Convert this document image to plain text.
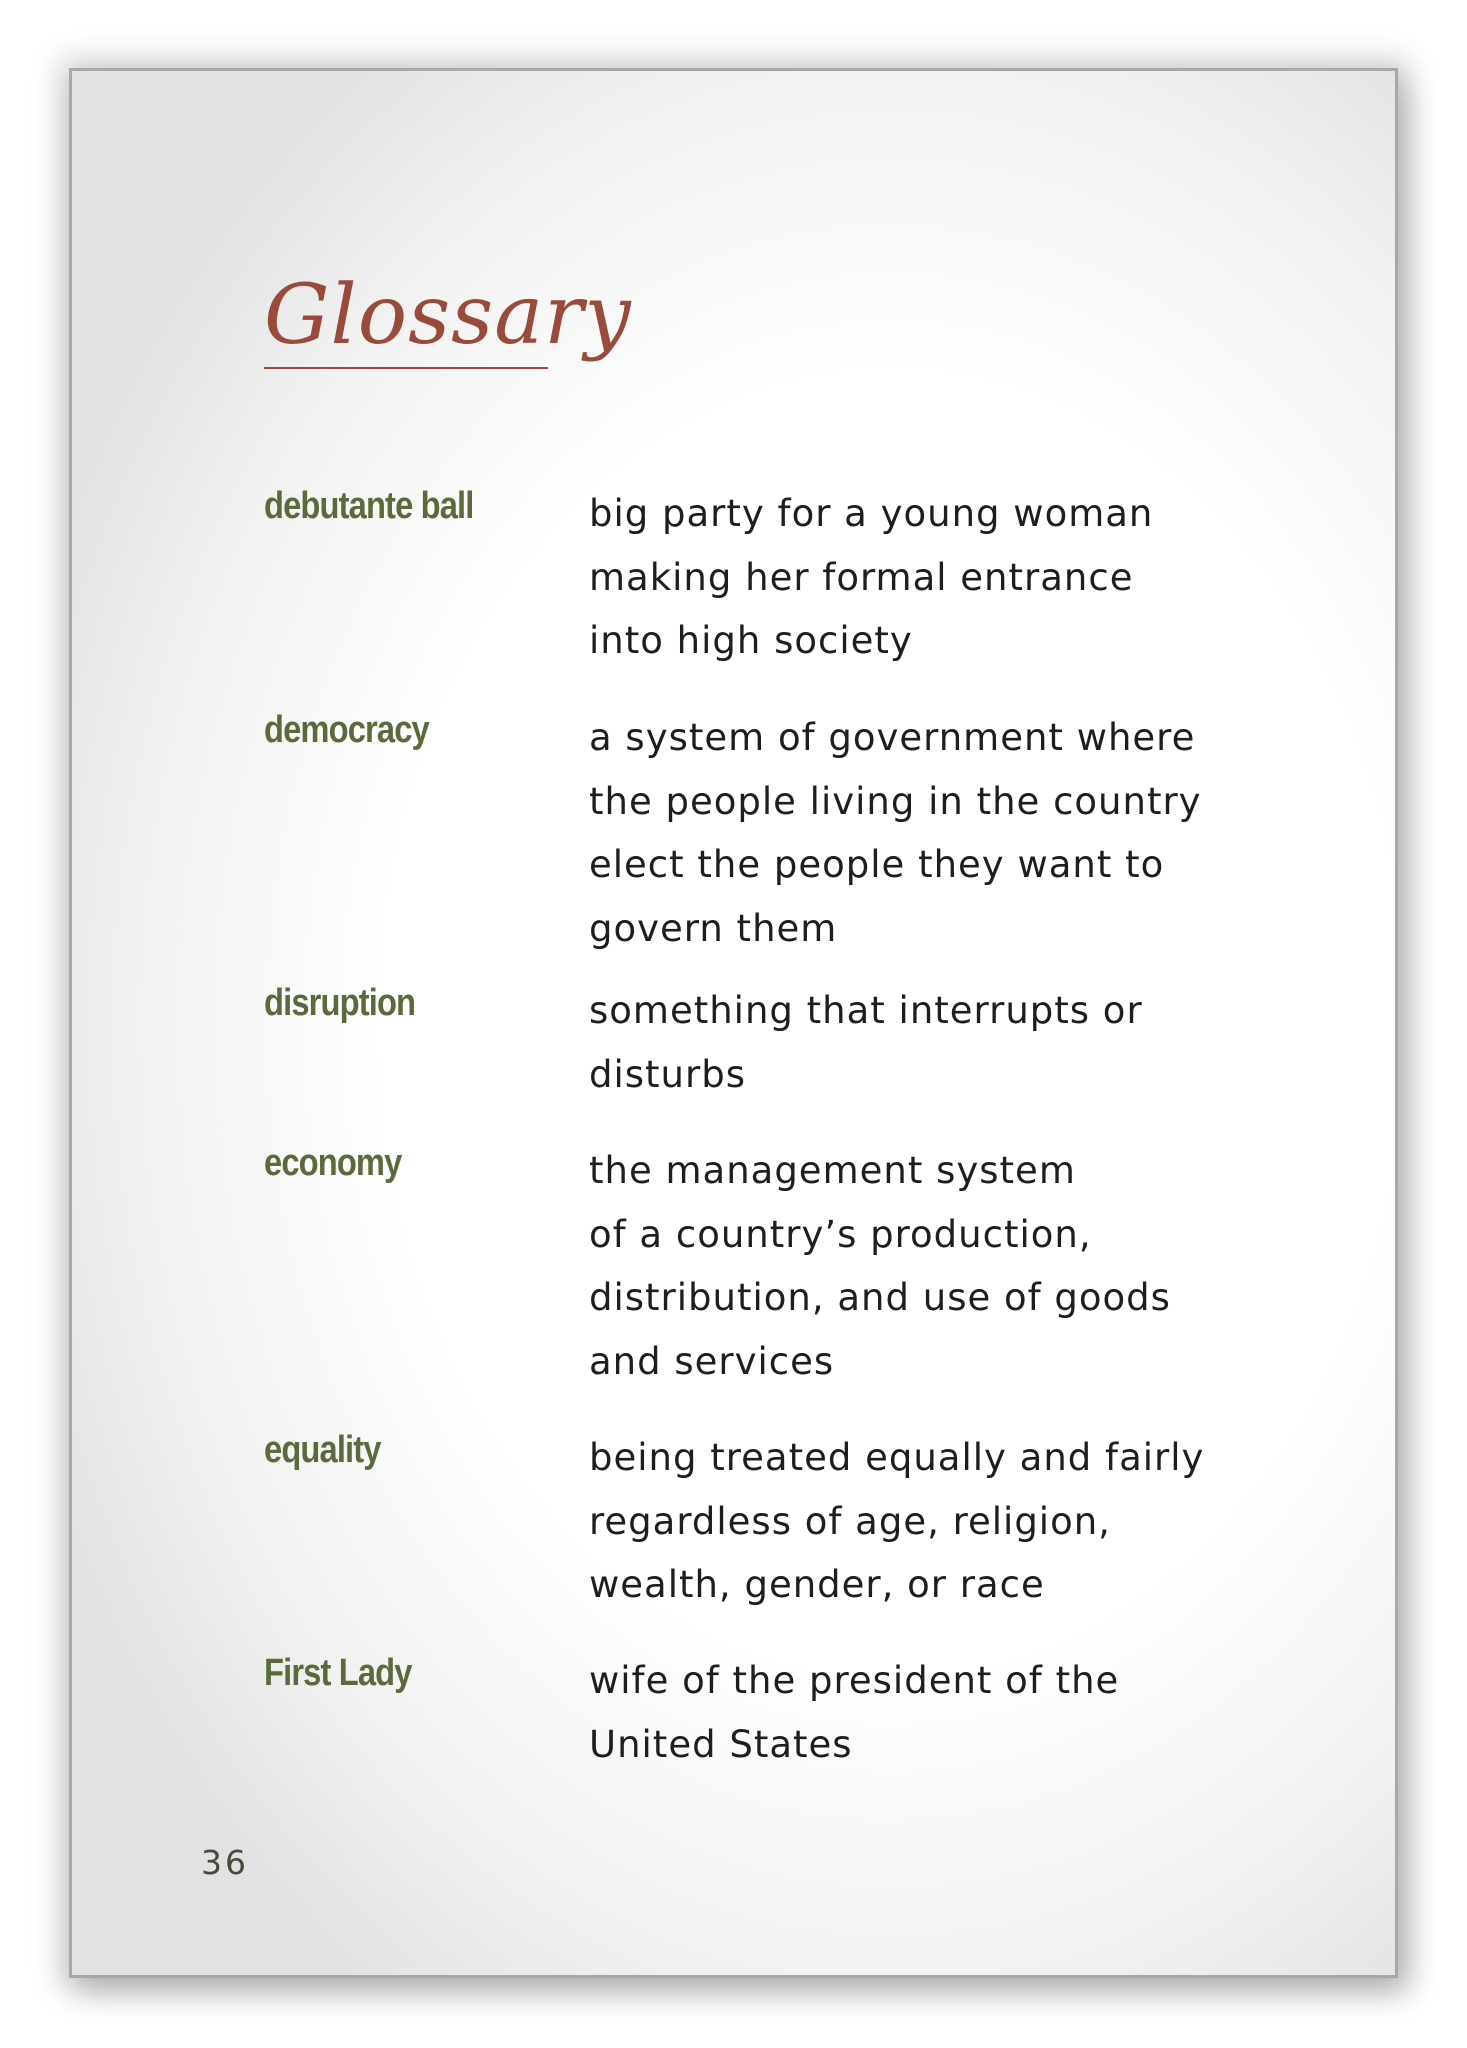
Glossary

debutante ball	big party for a young woman
making her formal entrance
into high society

democracy	a system of government where
the people living in the country
elect the people they want to
govern them

disruption	something that interrupts or
disturbs

economy	the management system
of a country’s production,
distribution, and use of goods
and services

equality	being treated equally and fairly
regardless of age, religion,
wealth, gender, or race

First Lady	wife of the president of the
United States

36
